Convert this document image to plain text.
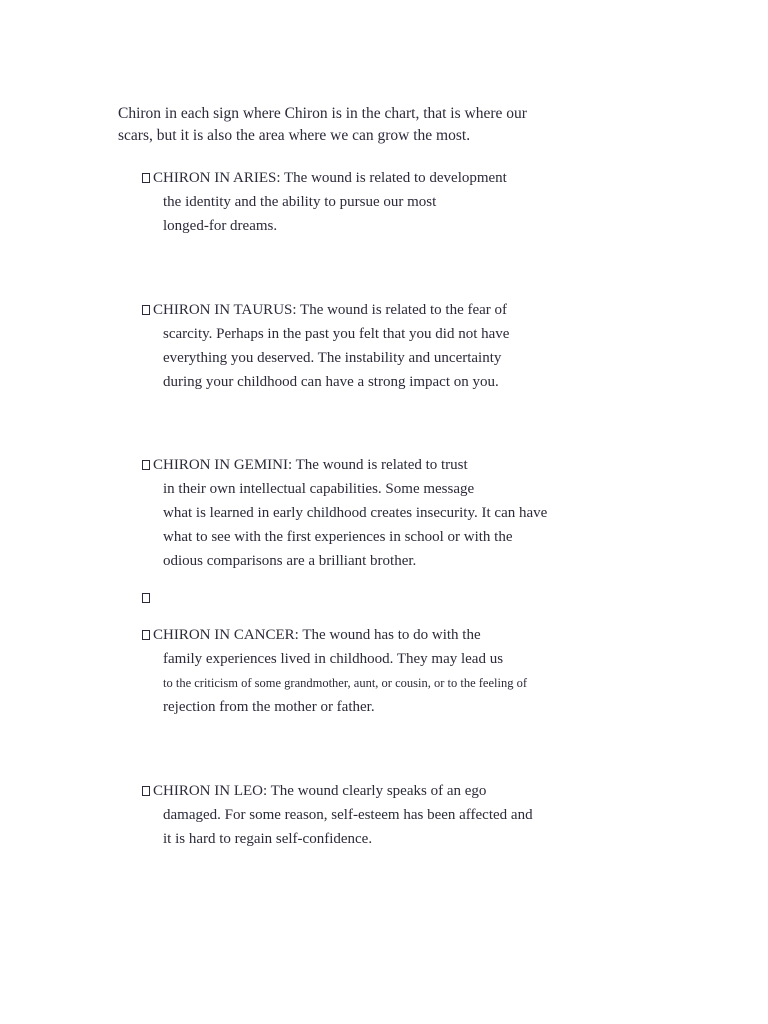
Chiron in each sign where Chiron is in the chart, that is where our
scars, but it is also the area where we can grow the most.

CHIRON IN ARIES: The wound is related to development
the identity and the ability to pursue our most
longed-for dreams.
CHIRON IN TAURUS: The wound is related to the fear of
scarcity. Perhaps in the past you felt that you did not have
everything you deserved. The instability and uncertainty
during your childhood can have a strong impact on you.
CHIRON IN GEMINI: The wound is related to trust
in their own intellectual capabilities. Some message
what is learned in early childhood creates insecurity. It can have
what to see with the first experiences in school or with the
odious comparisons are a brilliant brother.
CHIRON IN CANCER: The wound has to do with the
family experiences lived in childhood. They may lead us
to the criticism of some grandmother, aunt, or cousin, or to the feeling of
rejection from the mother or father.
CHIRON IN LEO: The wound clearly speaks of an ego
damaged. For some reason, self-esteem has been affected and
it is hard to regain self-confidence.
